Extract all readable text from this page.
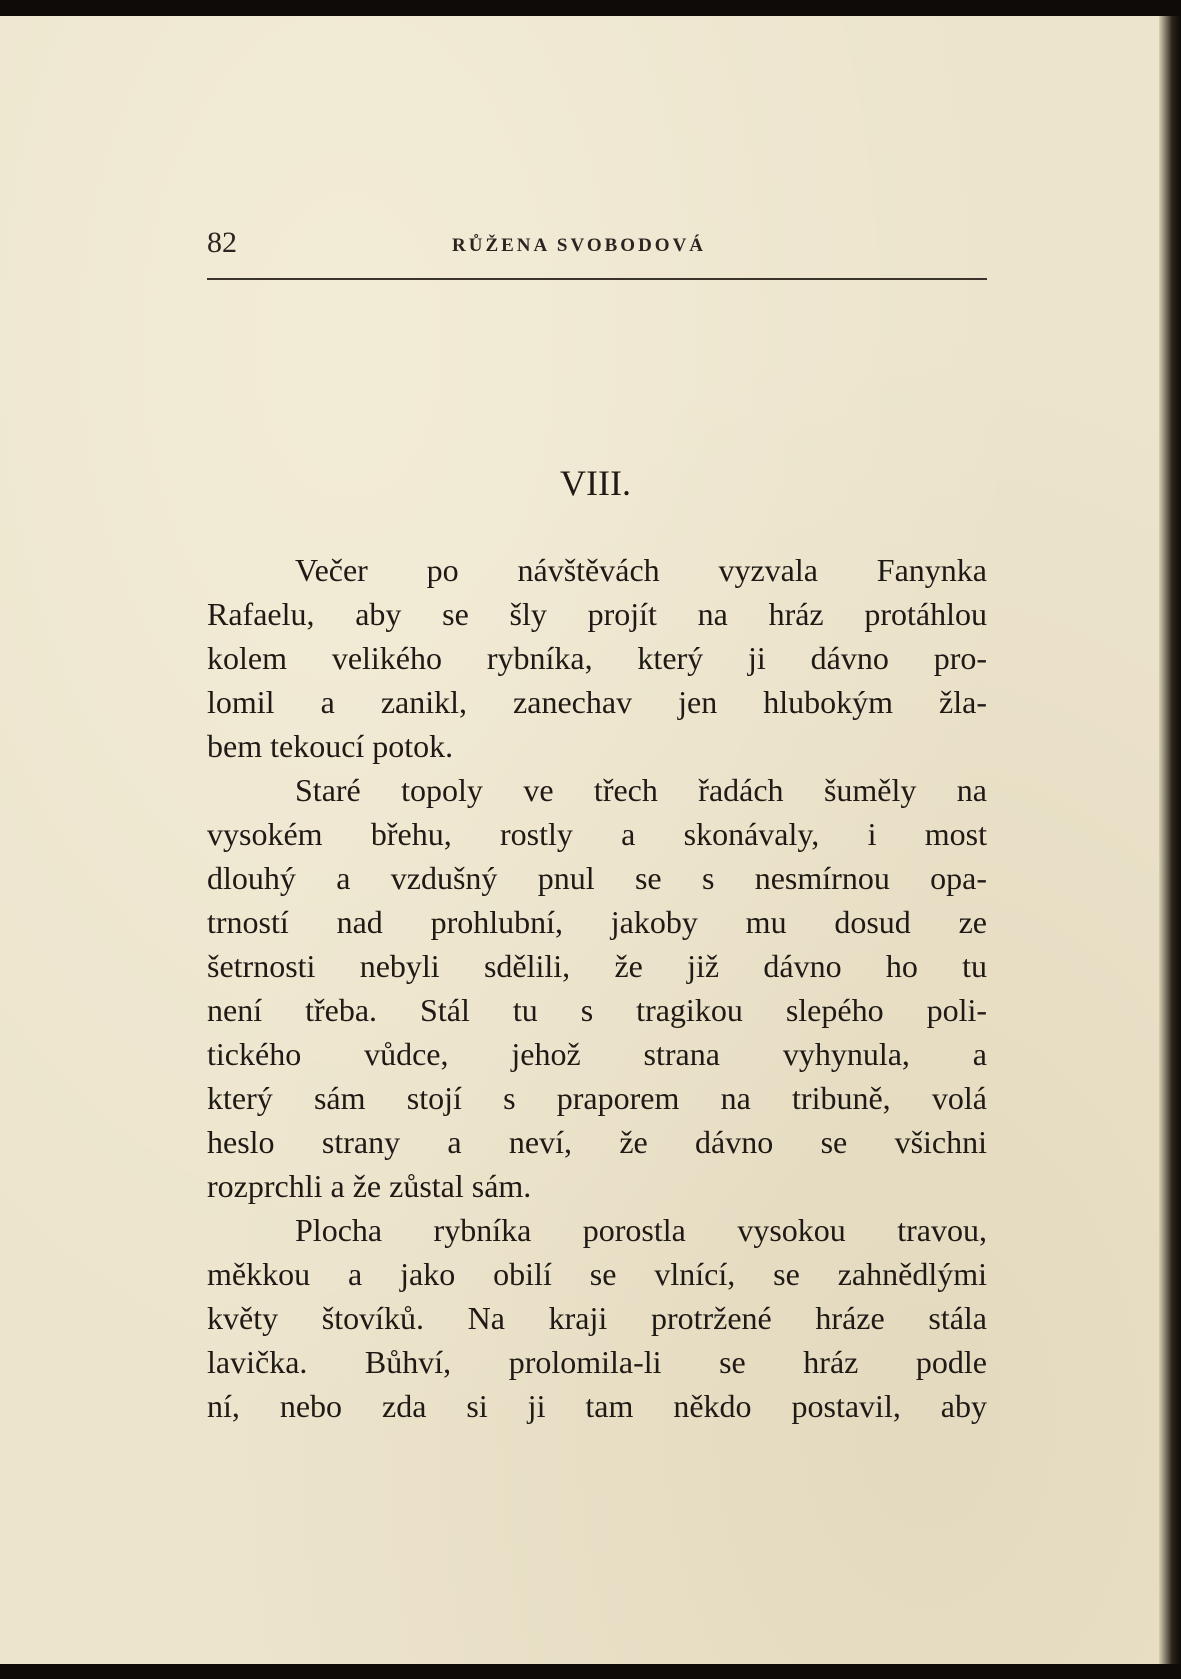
82	RŮŽENA SVOBODOVÁ
VIII.
Večer po návštěvách vyzvala Fanynka
Rafaelu, aby se šly projít na hráz protáhlou
kolem velikého rybníka, který ji dávno pro-
lomil a zanikl, zanechav jen hlubokým žla-
bem tekoucí potok.
Staré topoly ve třech řadách šuměly na
vysokém břehu, rostly a skonávaly, i most
dlouhý a vzdušný pnul se s nesmírnou opa-
trností nad prohlubní, jakoby mu dosud ze
šetrnosti nebyli sdělili, že již dávno ho tu
není třeba. Stál tu s tragikou slepého poli-
tického vůdce, jehož strana vyhynula, a
který sám stojí s praporem na tribuně, volá
heslo strany a neví, že dávno se všichni
rozprchli a že zůstal sám.
Plocha rybníka porostla vysokou travou,
měkkou a jako obilí se vlnící, se zahnědlými
květy štovíků. Na kraji protržené hráze stála
lavička. Bůhví, prolomila-li se hráz podle
ní, nebo zda si ji tam někdo postavil, aby
